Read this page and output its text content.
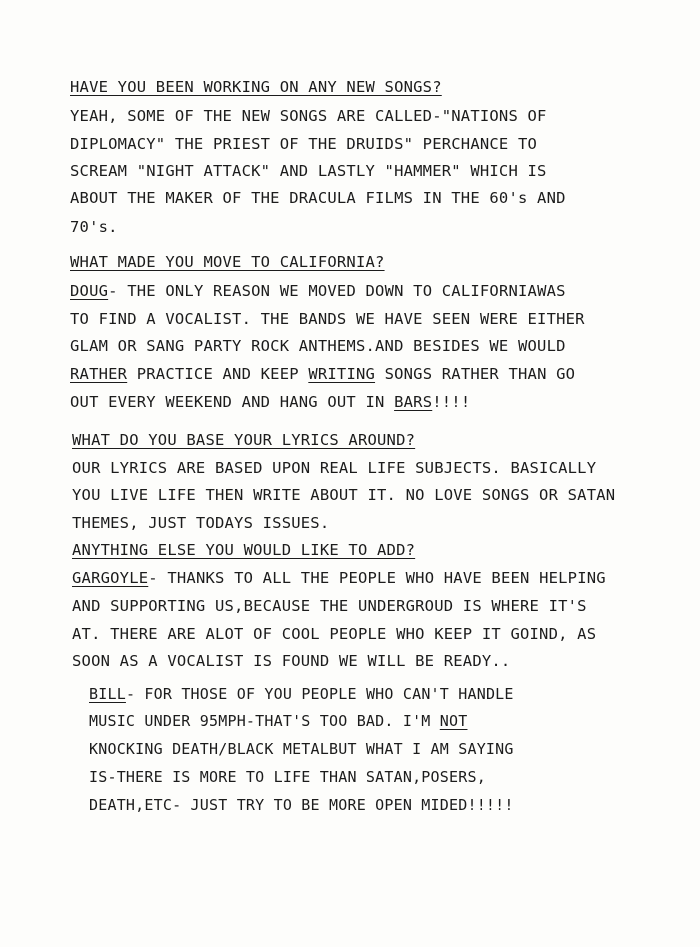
HAVE YOU BEEN WORKING ON ANY NEW SONGS?
YEAH, SOME OF THE NEW SONGS ARE CALLED-"NATIONS OF
DIPLOMACY" THE PRIEST OF THE DRUIDS" PERCHANCE TO
SCREAM "NIGHT ATTACK" AND LASTLY "HAMMER" WHICH IS
ABOUT THE MAKER OF THE DRACULA FILMS IN THE 60's AND
70's.
WHAT MADE YOU MOVE TO CALIFORNIA?
DOUG- THE ONLY REASON WE MOVED DOWN TO CALIFORNIAWAS
TO FIND A VOCALIST. THE BANDS WE HAVE SEEN WERE EITHER
GLAM OR SANG PARTY ROCK ANTHEMS.AND BESIDES WE WOULD
RATHER PRACTICE AND KEEP WRITING SONGS RATHER THAN GO
OUT EVERY WEEKEND AND HANG OUT IN BARS!!!!
WHAT DO YOU BASE YOUR LYRICS AROUND?
OUR LYRICS ARE BASED UPON REAL LIFE SUBJECTS. BASICALLY
YOU LIVE LIFE THEN WRITE ABOUT IT. NO LOVE SONGS OR SATAN
THEMES, JUST TODAYS ISSUES.
ANYTHING ELSE YOU WOULD LIKE TO ADD?
GARGOYLE- THANKS TO ALL THE PEOPLE WHO HAVE BEEN HELPING
AND SUPPORTING US,BECAUSE THE UNDERGROUD IS WHERE IT'S
AT. THERE ARE ALOT OF COOL PEOPLE WHO KEEP IT GOIND, AS
SOON AS A VOCALIST IS FOUND WE WILL BE READY..
BILL- FOR THOSE OF YOU PEOPLE WHO CAN'T HANDLE
MUSIC UNDER 95MPH-THAT'S TOO BAD. I'M NOT
KNOCKING DEATH/BLACK METALBUT WHAT I AM SAYING
IS-THERE IS MORE TO LIFE THAN SATAN,POSERS,
DEATH,ETC- JUST TRY TO BE MORE OPEN MIDED!!!!!
